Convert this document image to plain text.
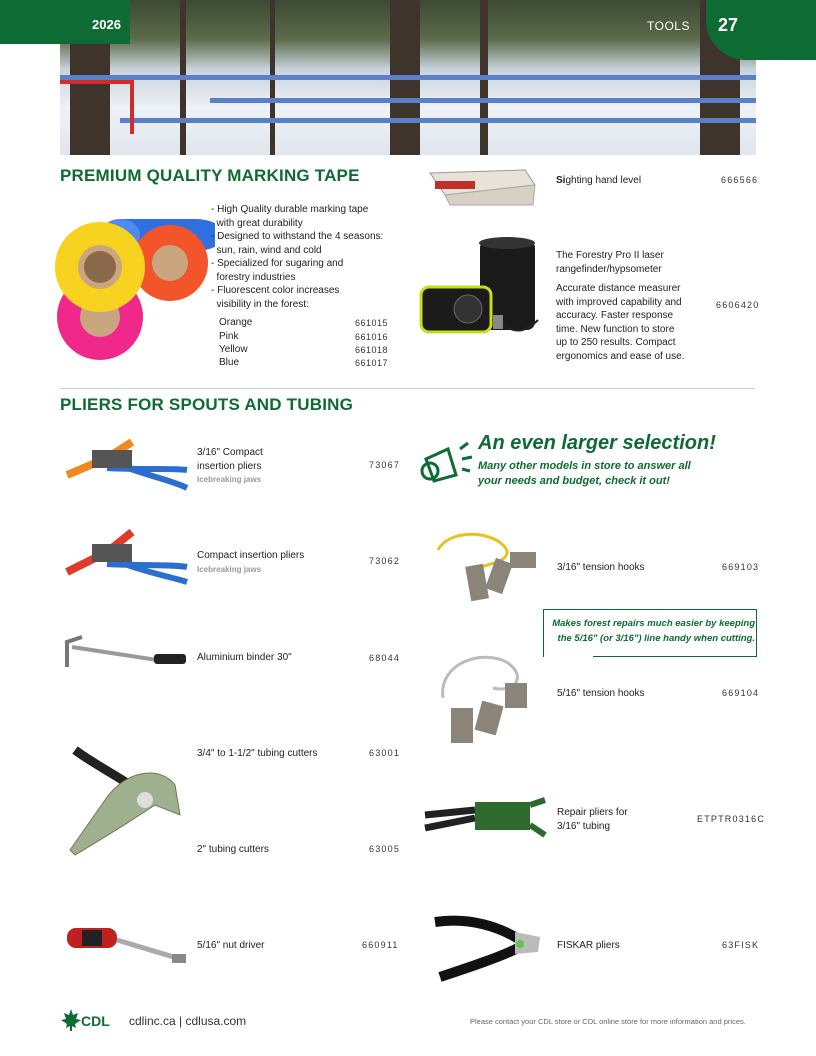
2026	TOOLS 27
PREMIUM QUALITY MARKING TAPE
- High Quality durable marking tape
with great durability
- Designed to withstand the 4 seasons:
sun, rain, wind and cold
- Specialized for sugaring and
forestry industries
- Fluorescent color increases
visibility in the forest:
Orange	661015
Pink	661016
Yellow	661018
Blue	661017
Sighting hand level	666566
The Forestry Pro II laser
rangefinder/hypsometer
Accurate distance measurer
with improved capability and
accuracy. Faster response
time. New function to store
up to 250 results. Compact
ergonomics and ease of use.
6606420
PLIERS FOR SPOUTS AND TUBING
3/16" Compact
insertion pliers
Icebreaking jaws
73067
Compact insertion pliers
Icebreaking jaws
73062
Aluminium binder 30"	68044
3/4" to 1-1/2" tubing cutters	63001
2" tubing cutters	63005
5/16" nut driver	660911
An even larger selection!
Many other models in store to answer all your needs and budget, check it out!
3/16" tension hooks	669103
Makes forest repairs much easier by keeping
the 5/16" (or 3/16") line handy when cutting.
5/16" tension hooks	669104
Repair pliers for
3/16" tubing
ETPTR0316C
FISKAR pliers	63FISK
CDL cdlinc.ca | cdlusa.com	Please contact your CDL store or CDL online store for more information and prices.
